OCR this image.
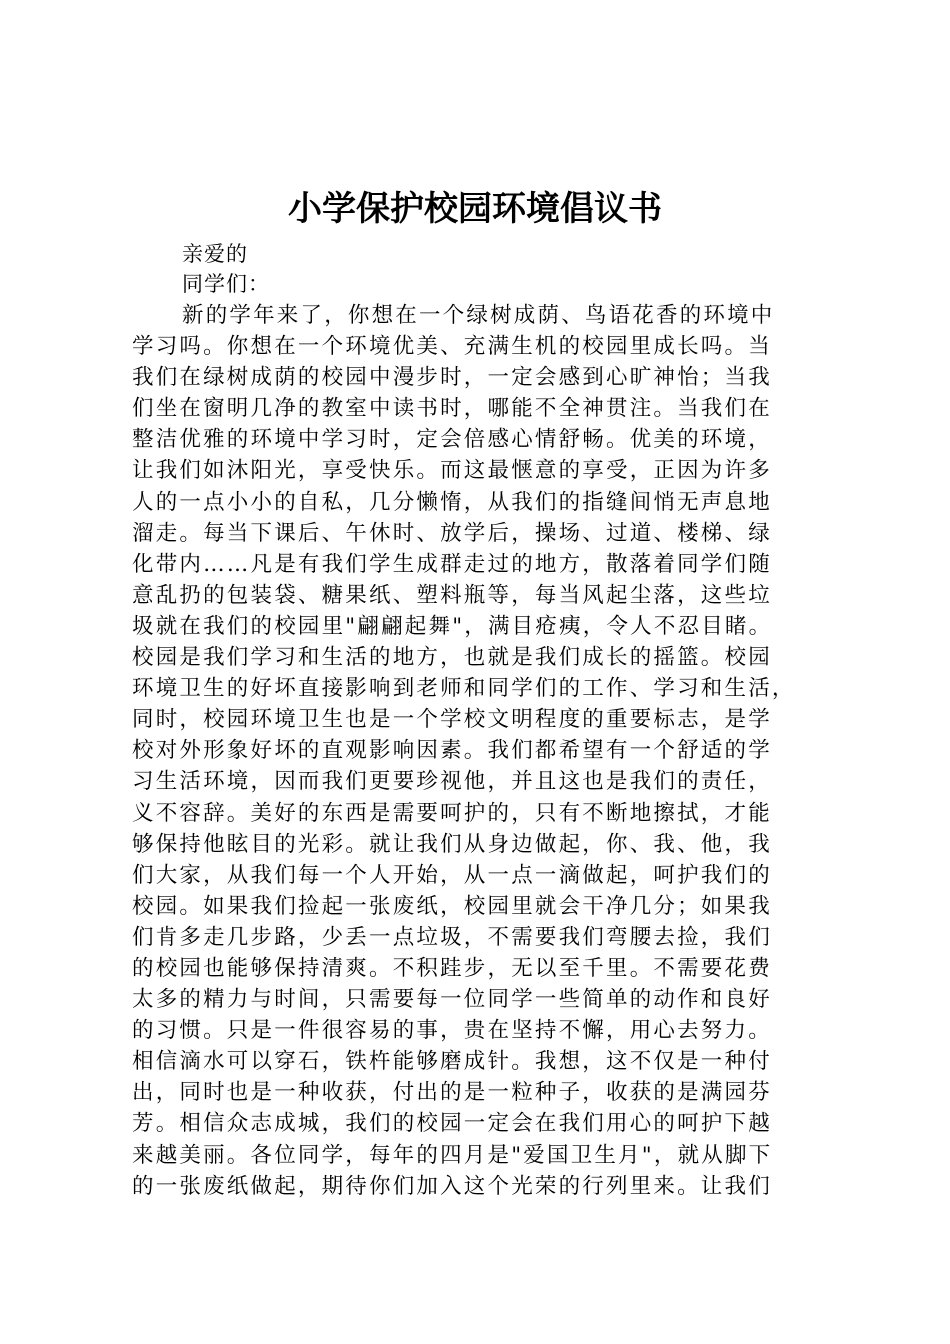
小学保护校园环境倡议书
亲爱的
同学们：
新的学年来了，你想在一个绿树成荫、鸟语花香的环境中
学习吗。你想在一个环境优美、充满生机的校园里成长吗。当
我们在绿树成荫的校园中漫步时，一定会感到心旷神怡；当我
们坐在窗明几净的教室中读书时，哪能不全神贯注。当我们在
整洁优雅的环境中学习时，定会倍感心情舒畅。优美的环境，
让我们如沐阳光，享受快乐。而这最惬意的享受，正因为许多
人的一点小小的自私，几分懒惰，从我们的指缝间悄无声息地
溜走。每当下课后、午休时、放学后，操场、过道、楼梯、绿
化带内……凡是有我们学生成群走过的地方，散落着同学们随
意乱扔的包装袋、糖果纸、塑料瓶等，每当风起尘落，这些垃
圾就在我们的校园里"翩翩起舞"，满目疮痍，令人不忍目睹。
校园是我们学习和生活的地方，也就是我们成长的摇篮。校园
环境卫生的好坏直接影响到老师和同学们的工作、学习和生活，
同时，校园环境卫生也是一个学校文明程度的重要标志，是学
校对外形象好坏的直观影响因素。我们都希望有一个舒适的学
习生活环境，因而我们更要珍视他，并且这也是我们的责任，
义不容辞。美好的东西是需要呵护的，只有不断地擦拭，才能
够保持他眩目的光彩。就让我们从身边做起，你、我、他，我
们大家，从我们每一个人开始，从一点一滴做起，呵护我们的
校园。如果我们捡起一张废纸，校园里就会干净几分；如果我
们肯多走几步路，少丢一点垃圾，不需要我们弯腰去捡，我们
的校园也能够保持清爽。不积跬步，无以至千里。不需要花费
太多的精力与时间，只需要每一位同学一些简单的动作和良好
的习惯。只是一件很容易的事，贵在坚持不懈，用心去努力。
相信滴水可以穿石，铁杵能够磨成针。我想，这不仅是一种付
出，同时也是一种收获，付出的是一粒种子，收获的是满园芬
芳。相信众志成城，我们的校园一定会在我们用心的呵护下越
来越美丽。各位同学，每年的四月是"爱国卫生月"，就从脚下
的一张废纸做起，期待你们加入这个光荣的行列里来。让我们
